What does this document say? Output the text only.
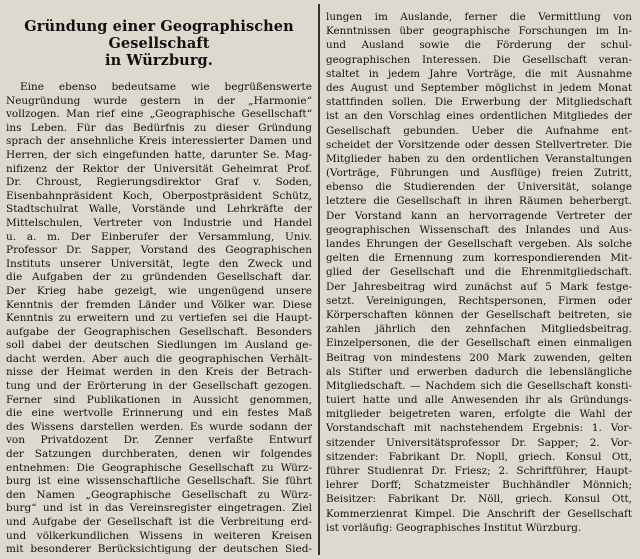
Gründung einer Geographischen Gesellschaft
in Würzburg.
Eine ebenso bedeutsame wie begrüßenswerte
Neugründung wurde gestern in der „Harmonie“
vollzogen. Man rief eine „Geographische Gesellschaft“
ins Leben. Für das Bedürfnis zu dieser Gründung
sprach der ansehnliche Kreis interessierter Damen und
Herren, der sich eingefunden hatte, darunter Se. Mag-
nifizenz der Rektor der Universität Geheimrat Prof.
Dr. Chroust, Regierungsdirektor Graf v. Soden,
Eisenbahnpräsident Koch, Oberpostpräsident Schütz,
Stadtschulrat Walle, Vorstände und Lehrkräfte der
Mittelschulen, Vertreter von Industrie und Handel
u. a. m. Der Einberufer der Versammlung, Univ.
Professor Dr. Sapper, Vorstand des Geographischen
Instituts unserer Universität, legte den Zweck und
die Aufgaben der zu gründenden Gesellschaft dar.
Der Krieg habe gezeigt, wie ungenügend unsere
Kenntnis der fremden Länder und Völker war. Diese
Kenntnis zu erweitern und zu vertiefen sei die Haupt-
aufgabe der Geographischen Gesellschaft. Besonders
soll dabei der deutschen Siedlungen im Ausland ge-
dacht werden. Aber auch die geographischen Verhält-
nisse der Heimat werden in den Kreis der Betrach-
tung und der Erörterung in der Gesellschaft gezogen.
Ferner sind Publikationen in Aussicht genommen,
die eine wertvolle Erinnerung und ein festes Maß
des Wissens darstellen werden. Es wurde sodann der
von Privatdozent Dr. Zenner verfaßte Entwurf
der Satzungen durchberaten, denen wir folgendes
entnehmen: Die Geographische Gesellschaft zu Würz-
burg ist eine wissenschaftliche Gesellschaft. Sie führt
den Namen „Geographische Gesellschaft zu Würz-
burg“ und ist in das Vereinsregister eingetragen. Ziel
und Aufgabe der Gesellschaft ist die Verbreitung erd-
und völkerkundlichen Wissens in weiteren Kreisen
mit besonderer Berücksichtigung der deutschen Sied-
lungen im Auslande, ferner die Vermittlung von
Kenntnissen über geographische Forschungen im In-
und Ausland sowie die Förderung der schul-
geographischen Interessen. Die Gesellschaft veran-
staltet in jedem Jahre Vorträge, die mit Ausnahme
des August und September möglichst in jedem Monat
stattfinden sollen. Die Erwerbung der Mitgliedschaft
ist an den Vorschlag eines ordentlichen Mitgliedes der
Gesellschaft gebunden. Ueber die Aufnahme ent-
scheidet der Vorsitzende oder dessen Stellvertreter. Die
Mitglieder haben zu den ordentlichen Veranstaltungen
(Vorträge, Führungen und Ausflüge) freien Zutritt,
ebenso die Studierenden der Universität, solange
letztere die Gesellschaft in ihren Räumen beherbergt.
Der Vorstand kann an hervorragende Vertreter der
geographischen Wissenschaft des Inlandes und Aus-
landes Ehrungen der Gesellschaft vergeben. Als solche
gelten die Ernennung zum korrespondierenden Mit-
glied der Gesellschaft und die Ehrenmitgliedschaft.
Der Jahresbeitrag wird zunächst auf 5 Mark festge-
setzt. Vereinigungen, Rechtspersonen, Firmen oder
Körperschaften können der Gesellschaft beitreten, sie
zahlen jährlich den zehnfachen Mitgliedsbeitrag.
Einzelpersonen, die der Gesellschaft einen einmaligen
Beitrag von mindestens 200 Mark zuwenden, gelten
als Stifter und erwerben dadurch die lebenslängliche
Mitgliedschaft. — Nachdem sich die Gesellschaft konsti-
tuiert hatte und alle Anwesenden ihr als Gründungs-
mitglieder beigetreten waren, erfolgte die Wahl der
Vorstandschaft mit nachstehendem Ergebnis: 1. Vor-
sitzender Universitätsprofessor Dr. Sapper; 2. Vor-
sitzender: Fabrikant Dr. Nopll, griech. Konsul Ott,
führer Studienrat Dr. Friesz; 2. Schriftführer, Haupt-
lehrer Dorff; Schatzmeister Buchhändler Mönnich;
Beisitzer: Fabrikant Dr. Nöll, griech. Konsul Ott,
Kommerzienrat Kimpel. Die Anschrift der Gesellschaft
ist vorläufig: Geographisches Institut Würzburg.
